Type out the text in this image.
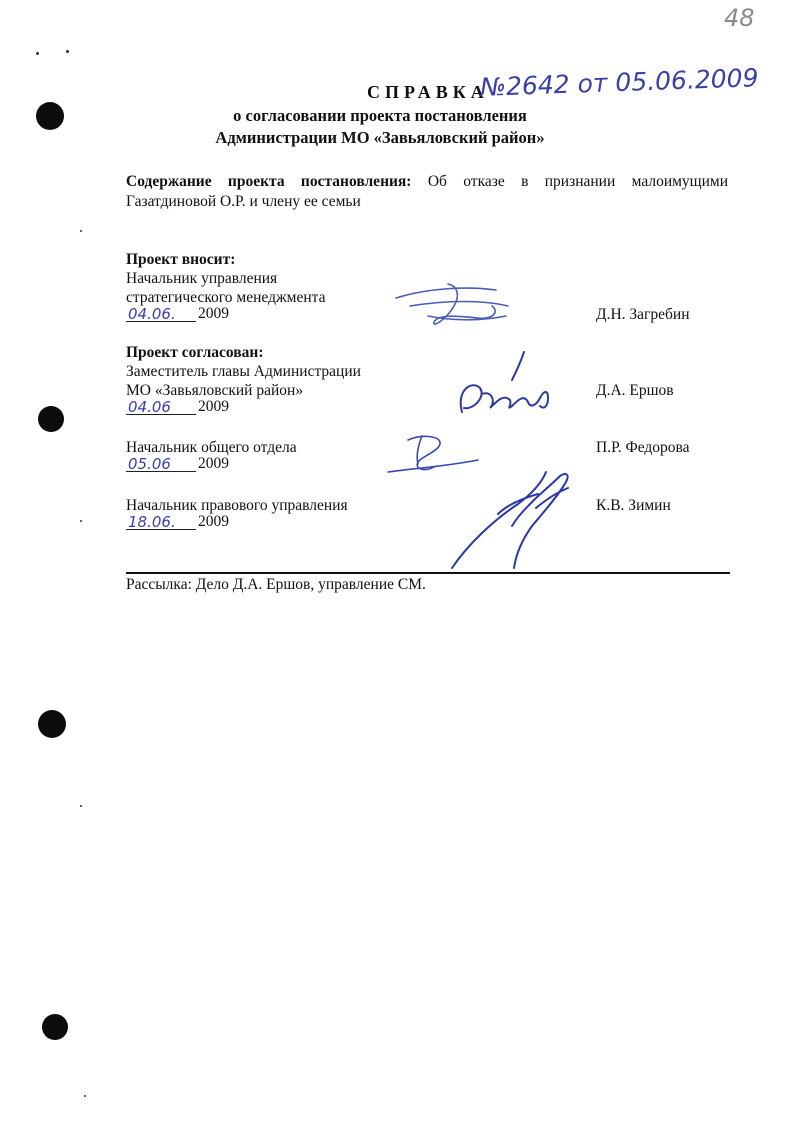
48
СПРАВКА
№2642 от 05.06.2009
о согласовании проекта постановления
Администрации МО «Завьяловский район»
Содержание проекта постановления: Об отказе в признании малоимущими Газатдиновой О.Р. и члену ее семьи
Проект вносит:
Начальник управления
стратегического менеджмента
04.06. 2009	Д.Н. Загребин
Проект согласован:
Заместитель главы Администрации
МО «Завьяловский район»	Д.А. Ершов
04.06 2009
Начальник общего отдела	П.Р. Федорова
05.06 2009
Начальник правового управления	К.В. Зимин
18.06. 2009
Рассылка: Дело Д.А. Ершов, управление СМ.
